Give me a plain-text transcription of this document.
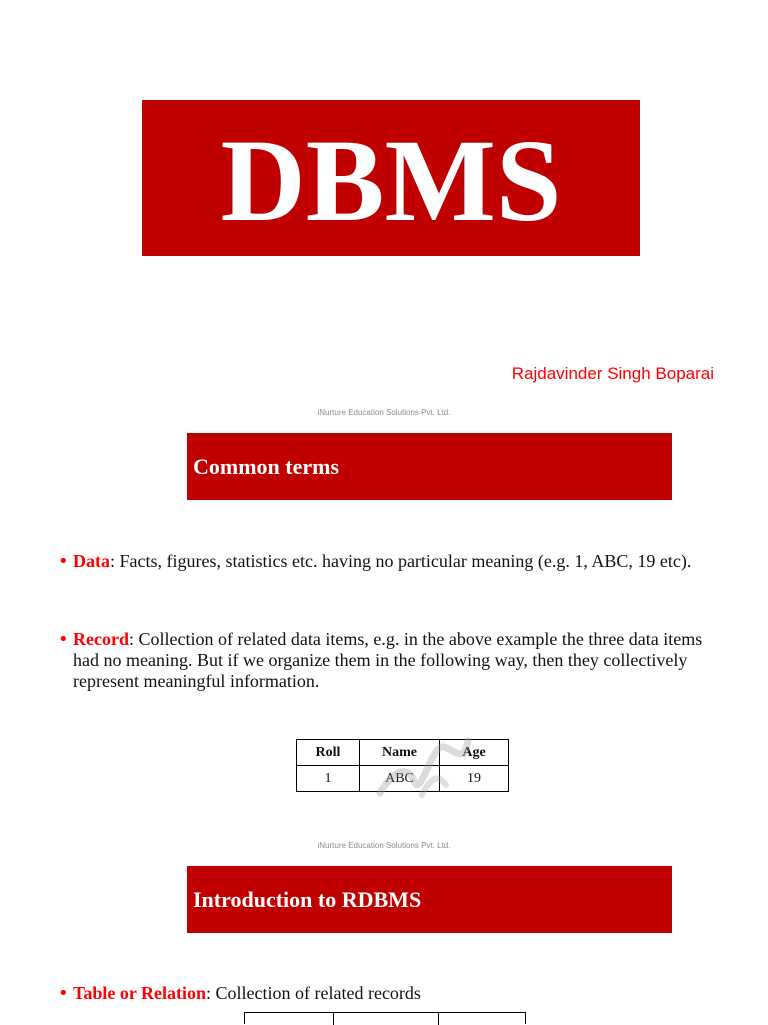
DBMS
Rajdavinder Singh Boparai
iNurture Education Solutions Pvt. Ltd.
Common terms
• Data: Facts, figures, statistics etc. having no particular meaning (e.g. 1, ABC, 19 etc).
• Record: Collection of related data items, e.g. in the above example the three data items had no meaning. But if we organize them in the following way, then they collectively represent meaningful information.
Roll	Name	Age
1	ABC	19
iNurture Education Solutions Pvt. Ltd.
Introduction to RDBMS
• Table or Relation: Collection of related records
